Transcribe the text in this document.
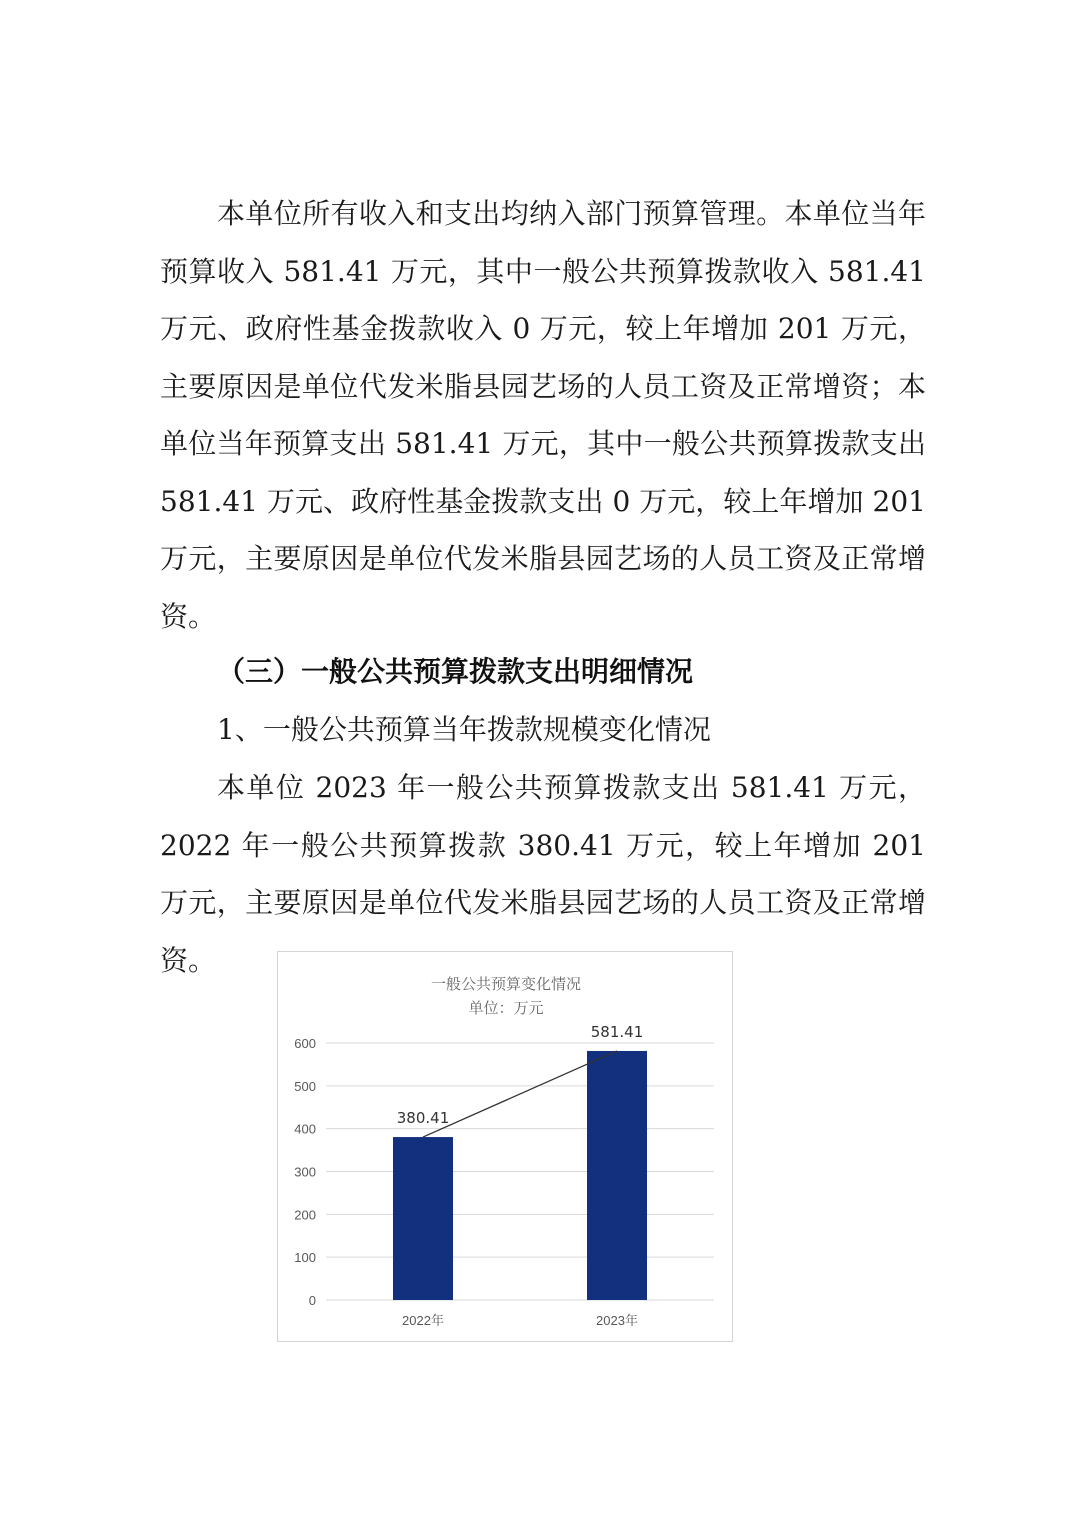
本单位所有收入和支出均纳入部门预算管理。本单位当年预算收入 581.41 万元，其中一般公共预算拨款收入 581.41 万元、政府性基金拨款收入 0 万元，较上年增加 201 万元，主要原因是单位代发米脂县园艺场的人员工资及正常增资；本单位当年预算支出 581.41 万元，其中一般公共预算拨款支出 581.41 万元、政府性基金拨款支出 0 万元，较上年增加 201 万元，主要原因是单位代发米脂县园艺场的人员工资及正常增资。

（三）一般公共预算拨款支出明细情况

1、一般公共预算当年拨款规模变化情况

本单位 2023 年一般公共预算拨款支出 581.41 万元，2022 年一般公共预算拨款 380.41 万元，较上年增加 201 万元，主要原因是单位代发米脂县园艺场的人员工资及正常增资。

一般公共预算变化情况
单位：万元
0
100
200
300
400
500
600
380.41
2022年
581.41
2023年
